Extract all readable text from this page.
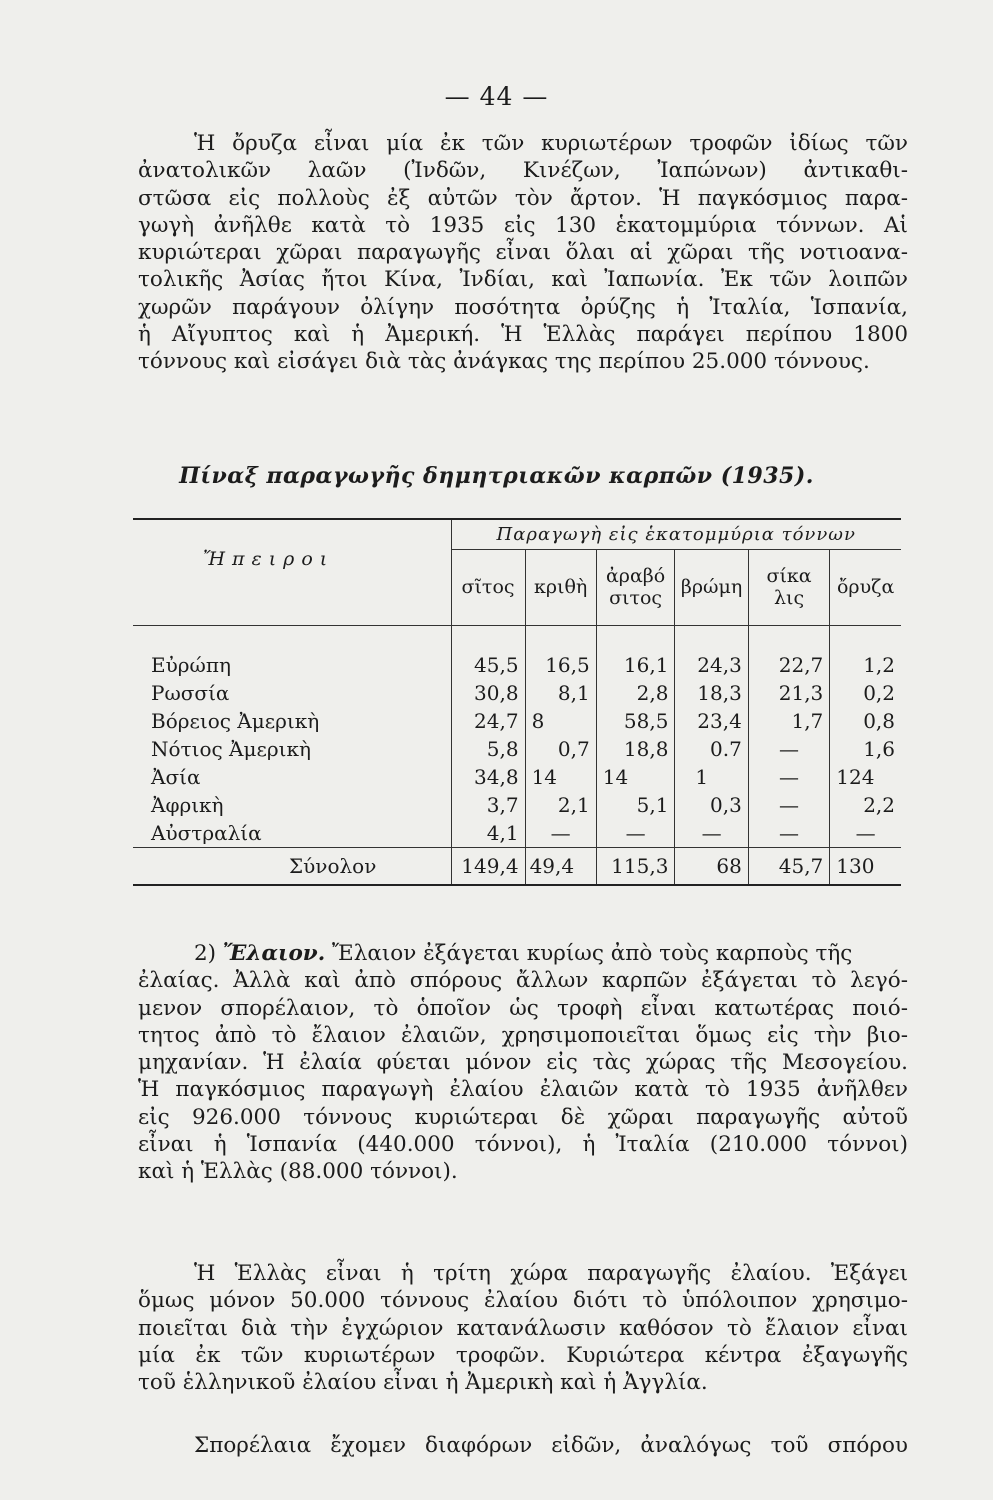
— 44 —
Ἡ ὄρυζα εἶναι μία ἐκ τῶν κυριωτέρων τροφῶν ἰδίως τῶν
ἀνατολικῶν λαῶν (Ἰνδῶν, Κινέζων, Ἰαπώνων) ἀντικαθι-
στῶσα εἰς πολλοὺς ἐξ αὐτῶν τὸν ἄρτον. Ἡ παγκόσμιος παρα-
γωγὴ ἀνῆλθε κατὰ τὸ 1935 εἰς 130 ἑκατομμύρια τόννων. Αἱ
κυριώτεραι χῶραι παραγωγῆς εἶναι ὅλαι αἱ χῶραι τῆς νοτιοανα-
τολικῆς Ἀσίας ἤτοι Κίνα, Ἰνδίαι, καὶ Ἰαπωνία. Ἐκ τῶν λοιπῶν
χωρῶν παράγουν ὀλίγην ποσότητα ὀρύζης ἡ Ἰταλία, Ἱσπανία,
ἡ Αἴγυπτος καὶ ἡ Ἀμερική. Ἡ Ἑλλὰς παράγει περίπου 1800
τόννους καὶ εἰσάγει διὰ τὰς ἀνάγκας της περίπου 25.000 τόννους.
Πίναξ παραγωγῆς δημητριακῶν καρπῶν (1935).
Ἤπειροι	Παραγωγὴ εἰς ἑκατομμύρια τόννων					
	σῖτος	κριθὴ	ἀραβόσιτος	βρώμη	σίκαλις	ὄρυζα

Εὐρώπη	45,5	16,5	16,1	24,3	22,7	1,2
Ρωσσία	30,8	8,1	2,8	18,3	21,3	0,2
Βόρειος Ἀμερικὴ	24,7	8	58,5	23,4	1,7	0,8
Νότιος Ἀμερικὴ	5,8	0,7	18,8	0.7	—	1,6
Ἀσία	34,8	14	14	1	—	124
Ἀφρικὴ	3,7	2,1	5,1	0,3	—	2,2
Αὐστραλία	4,1	—	—	—	—	—
Σύνολον	149,4	49,4	115,3	68	45,7	130
2) Ἔλαιον. Ἔλαιον ἐξάγεται κυρίως ἀπὸ τοὺς καρποὺς τῆς
ἐλαίας. Ἀλλὰ καὶ ἀπὸ σπόρους ἄλλων καρπῶν ἐξάγεται τὸ λεγό-
μενον σπορέλαιον, τὸ ὁποῖον ὡς τροφὴ εἶναι κατωτέρας ποιό-
τητος ἀπὸ τὸ ἔλαιον ἐλαιῶν, χρησιμοποιεῖται ὅμως εἰς τὴν βιο-
μηχανίαν. Ἡ ἐλαία φύεται μόνον εἰς τὰς χώρας τῆς Μεσογείου.
Ἡ παγκόσμιος παραγωγὴ ἐλαίου ἐλαιῶν κατὰ τὸ 1935 ἀνῆλθεν
εἰς 926.000 τόννους κυριώτεραι δὲ χῶραι παραγωγῆς αὐτοῦ
εἶναι ἡ Ἱσπανία (440.000 τόννοι), ἡ Ἰταλία (210.000 τόννοι)
καὶ ἡ Ἑλλὰς (88.000 τόννοι).
Ἡ Ἑλλὰς εἶναι ἡ τρίτη χώρα παραγωγῆς ἐλαίου. Ἐξάγει
ὅμως μόνον 50.000 τόννους ἐλαίου διότι τὸ ὑπόλοιπον χρησιμο-
ποιεῖται διὰ τὴν ἐγχώριον κατανάλωσιν καθόσον τὸ ἔλαιον εἶναι
μία ἐκ τῶν κυριωτέρων τροφῶν. Κυριώτερα κέντρα ἐξαγωγῆς
τοῦ ἑλληνικοῦ ἐλαίου εἶναι ἡ Ἀμερικὴ καὶ ἡ Ἀγγλία.
Σπορέλαια ἔχομεν διαφόρων εἰδῶν, ἀναλόγως τοῦ σπόρου
